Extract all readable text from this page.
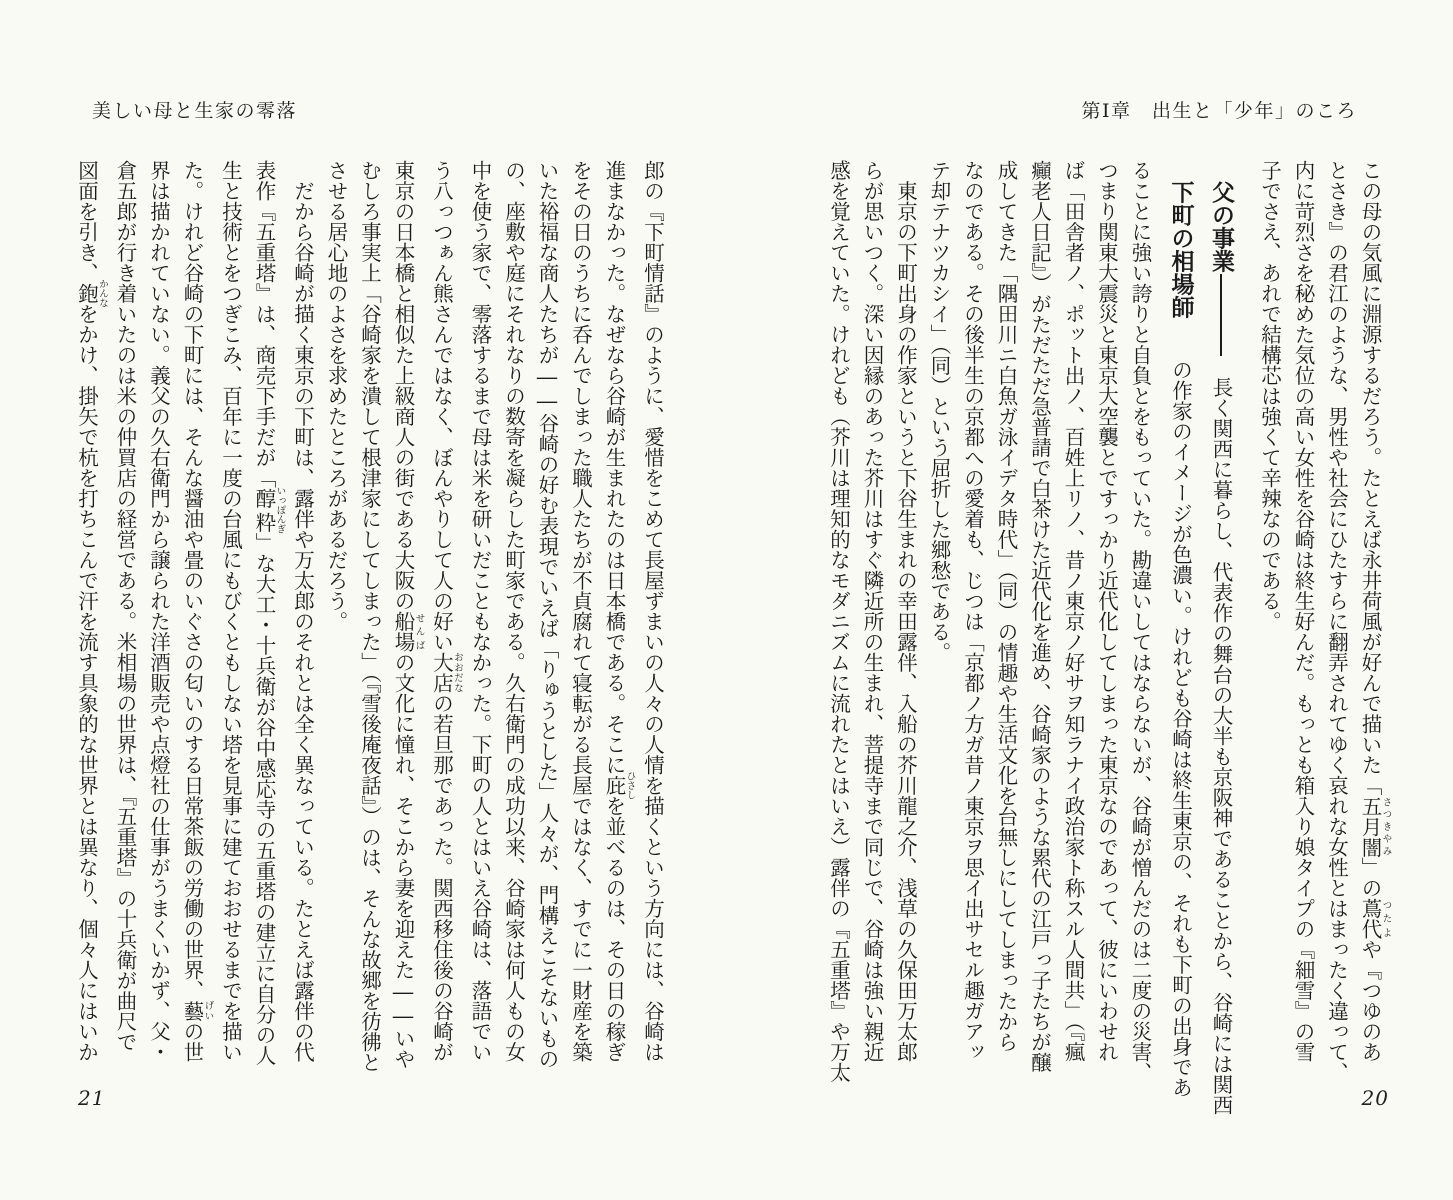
美しい母と生家の零落	第Ⅰ章　出生と「少年」のころ
この母の気風に淵源するだろう。たとえば永井荷風が好んで描いた「五月闇さつきやみ」の蔦代つたよや『つゆのあ
とさき』の君江のような、男性や社会にひたすらに翻弄されてゆく哀れな女性とはまったく違って、
内に苛烈さを秘めた気位の高い女性を谷崎は終生好んだ。もっとも箱入り娘タイプの『細雪』の雪
子でさえ、あれで結構芯は強くて辛辣なのである。
　父の事業　長く関西に暮らし、代表作の舞台の大半も京阪神であることから、谷崎には関西
　下町の相場師　　の作家のイメージが色濃い。けれども谷崎は終生東京の、それも下町の出身であ
ることに強い誇りと自負とをもっていた。勘違いしてはならないが、谷崎が憎んだのは二度の災害、
つまり関東大震災と東京大空襲とですっかり近代化してしまった東京なのであって、彼にいわせれ
ば「田舎者ノ、ポット出ノ、百姓上リノ、昔ノ東京ノ好サヲ知ラナイ政治家ト称スル人間共」（『瘋
癲老人日記』）がただただ急普請で白茶けた近代化を進め、谷崎家のような累代の江戸っ子たちが醸
成してきた「隅田川ニ白魚ガ泳イデタ時代」（同）の情趣や生活文化を台無しにしてしまったから
なのである。その後半生の京都への愛着も、じつは「京都ノ方ガ昔ノ東京ヲ思イ出サセル趣ガアッ
テ却テナツカシイ」（同）という屈折した郷愁である。
　東京の下町出身の作家というと下谷生まれの幸田露伴、入船の芥川龍之介、浅草の久保田万太郎
らが思いつく。深い因縁のあった芥川はすぐ隣近所の生まれ、菩提寺まで同じで、谷崎は強い親近
感を覚えていた。けれども（芥川は理知的なモダニズムに流れたとはいえ）露伴の『五重塔』や万太
郎の『下町情話』のように、愛惜をこめて長屋ずまいの人々の人情を描くという方向には、谷崎は
進まなかった。なぜなら谷崎が生まれたのは日本橋である。そこに庇ひさしを並べるのは、その日の稼ぎ
をその日のうちに呑んでしまった職人たちが不貞腐れて寝転がる長屋ではなく、すでに一財産を築
いた裕福な商人たちが――谷崎の好む表現でいえば「りゅうとした」人々が、門構えこそないもの
の、座敷や庭にそれなりの数寄を凝らした町家である。久右衛門の成功以来、谷崎家は何人もの女
中を使う家で、零落するまで母は米を研いだこともなかった。下町の人とはいえ谷崎は、落語でい
う八っつぁん熊さんではなく、ぼんやりして人の好い大店おおだなの若旦那であった。関西移住後の谷崎が
東京の日本橋と相似た上級商人の街である大阪の船場せんばの文化に憧れ、そこから妻を迎えた――いや
むしろ事実上「谷崎家を潰して根津家にしてしまった」（『雪後庵夜話』）のは、そんな故郷を彷彿と
させる居心地のよさを求めたところがあるだろう。
　だから谷崎が描く東京の下町は、露伴や万太郎のそれとは全く異なっている。たとえば露伴の代
表作『五重塔』は、商売下手だが「醇粋いっぽんぎ」な大工・十兵衛が谷中感応寺の五重塔の建立に自分の人
生と技術とをつぎこみ、百年に一度の台風にもびくともしない塔を見事に建ておおせるまでを描い
た。けれど谷崎の下町には、そんな醤油や畳のいぐさの匂いのする日常茶飯の労働の世界、藝げいの世
界は描かれていない。義父の久右衛門から譲られた洋酒販売や点燈社の仕事がうまくいかず、父・
倉五郎が行き着いたのは米の仲買店の経営である。米相場の世界は、『五重塔』の十兵衛が曲尺で
図面を引き、鉋かんなをかけ、掛矢で杭を打ちこんで汗を流す具象的な世界とは異なり、個々人にはいか
20
21
